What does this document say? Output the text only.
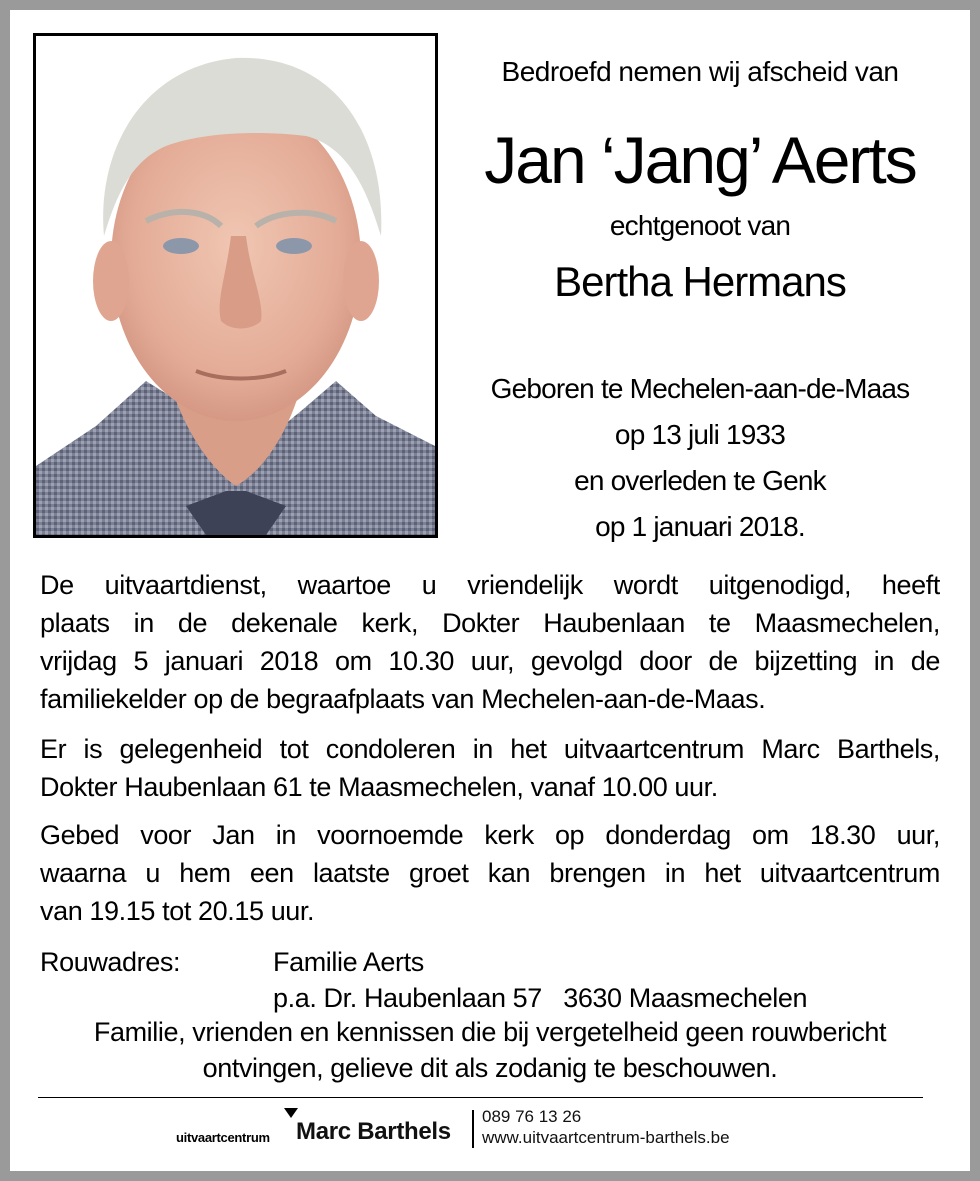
Bedroefd nemen wij afscheid van
Jan ‘Jang’ Aerts
echtgenoot van
Bertha Hermans
Geboren te Mechelen-aan-de-Maas
op 13 juli 1933
en overleden te Genk
op 1 januari 2018.
De uitvaartdienst, waartoe u vriendelijk wordt uitgenodigd, heeft
plaats in de dekenale kerk, Dokter Haubenlaan te Maasmechelen,
vrijdag 5 januari 2018 om 10.30 uur, gevolgd door de bijzetting in de
familiekelder op de begraafplaats van Mechelen-aan-de-Maas.
Er is gelegenheid tot condoleren in het uitvaartcentrum Marc Barthels,
Dokter Haubenlaan 61 te Maasmechelen, vanaf 10.00 uur.
Gebed voor Jan in voornoemde kerk op donderdag om 18.30 uur,
waarna u hem een laatste groet kan brengen in het uitvaartcentrum
van 19.15 tot 20.15 uur.
Rouwadres:	Familie Aerts
p.a. Dr. Haubenlaan 57   3630 Maasmechelen
Familie, vrienden en kennissen die bij vergetelheid geen rouwbericht
ontvingen, gelieve dit als zodanig te beschouwen.
uitvaartcentrum Marc Barthels
089 76 13 26
www.uitvaartcentrum-barthels.be
